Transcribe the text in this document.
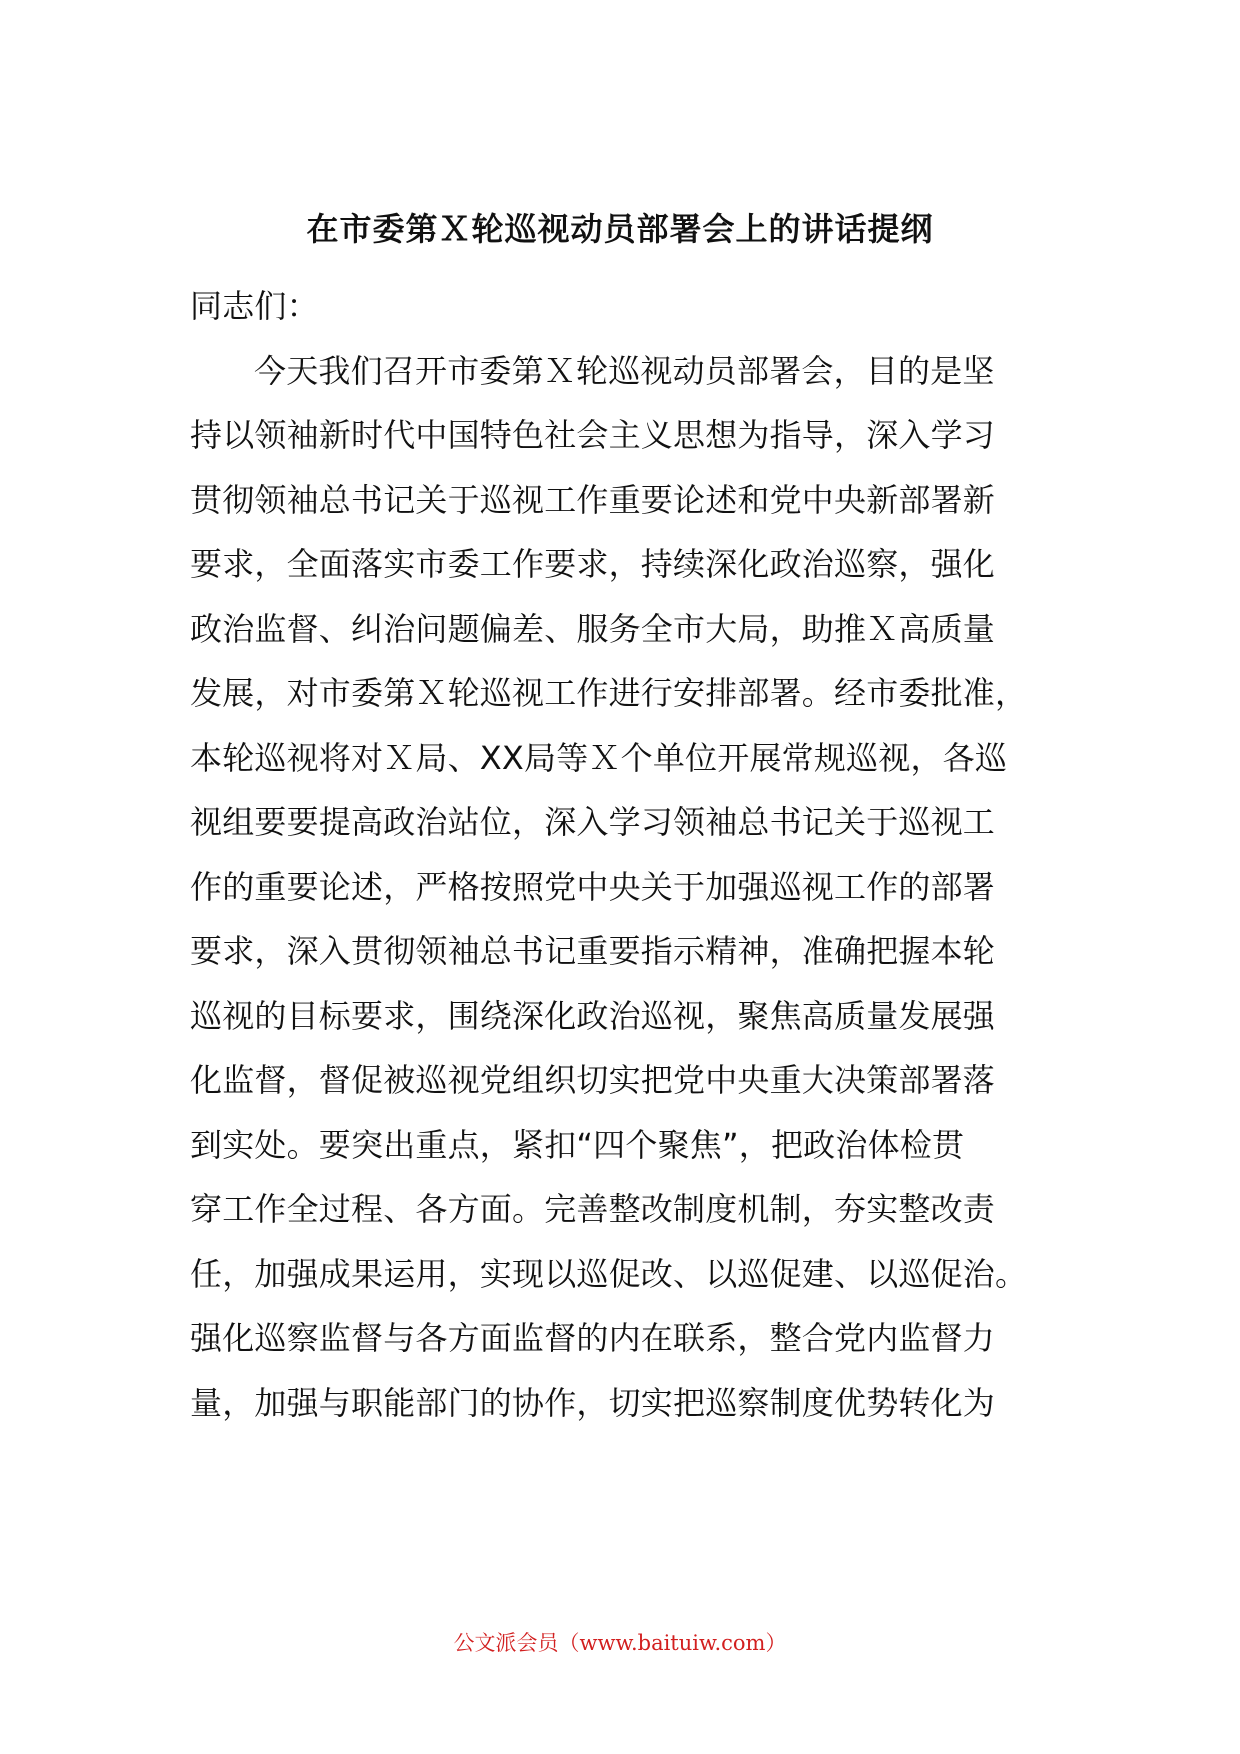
在市委第Ｘ轮巡视动员部署会上的讲话提纲
同志们：
今天我们召开市委第Ｘ轮巡视动员部署会，目的是坚
持以领袖新时代中国特色社会主义思想为指导，深入学习
贯彻领袖总书记关于巡视工作重要论述和党中央新部署新
要求，全面落实市委工作要求，持续深化政治巡察，强化
政治监督、纠治问题偏差、服务全市大局，助推Ｘ高质量
发展，对市委第Ｘ轮巡视工作进行安排部署。经市委批准，
本轮巡视将对Ｘ局、XX局等Ｘ个单位开展常规巡视，各巡
视组要要提高政治站位，深入学习领袖总书记关于巡视工
作的重要论述，严格按照党中央关于加强巡视工作的部署
要求，深入贯彻领袖总书记重要指示精神，准确把握本轮
巡视的目标要求，围绕深化政治巡视，聚焦高质量发展强
化监督，督促被巡视党组织切实把党中央重大决策部署落
到实处。要突出重点，紧扣“四个聚焦”，把政治体检贯
穿工作全过程、各方面。完善整改制度机制，夯实整改责
任，加强成果运用，实现以巡促改、以巡促建、以巡促治。
强化巡察监督与各方面监督的内在联系，整合党内监督力
量，加强与职能部门的协作，切实把巡察制度优势转化为
公文派会员（www.baituiw.com）
